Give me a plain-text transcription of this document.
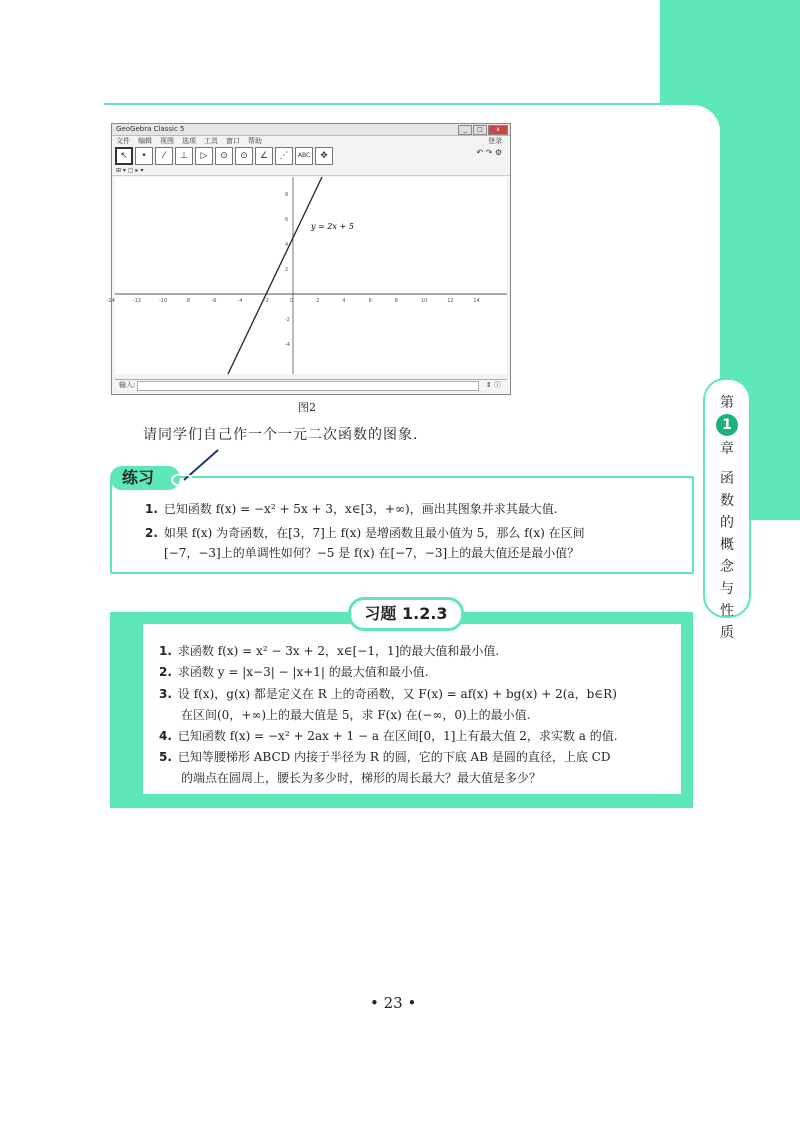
第
1
章
函
数
的
概
念
与
性
质
GeoGebra Classic 5	_	□	x
文件 编辑 视图 选项 工具 窗口 帮助	登录
↖	•	⁄	⊥	▷	⊙	⊙	∠	⋰	ABC	✥	↶ ↷ ⚙
⊞ ▾ ▢ ▸ ▾
-14	-12	-10	-8	-6	-4	-2	0	2	4	6	8	10	12	14
8
6
4
2
-2
-4
y = 2x + 5
输入:	⇕ ⓘ
图2
请同学们自己作一个一元二次函数的图象.
练习
1. 已知函数 f(x) = −x² + 5x + 3，x∈[3，+∞)，画出其图象并求其最大值.
2. 如果 f(x) 为奇函数，在[3，7]上 f(x) 是增函数且最小值为 5，那么 f(x) 在区间
[−7，−3]上的单调性如何？−5 是 f(x) 在[−7，−3]上的最大值还是最小值？
习题 1.2.3
1. 求函数 f(x) = x² − 3x + 2，x∈[−1，1]的最大值和最小值.
2. 求函数 y = |x−3| − |x+1| 的最大值和最小值.
3. 设 f(x)，g(x) 都是定义在 R 上的奇函数，又 F(x) = af(x) + bg(x) + 2(a，b∈R)
在区间(0，+∞)上的最大值是 5，求 F(x) 在(−∞，0)上的最小值.
4. 已知函数 f(x) = −x² + 2ax + 1 − a 在区间[0，1]上有最大值 2，求实数 a 的值.
5. 已知等腰梯形 ABCD 内接于半径为 R 的圆，它的下底 AB 是圆的直径，上底 CD
的端点在圆周上，腰长为多少时，梯形的周长最大？最大值是多少？
• 23 •
